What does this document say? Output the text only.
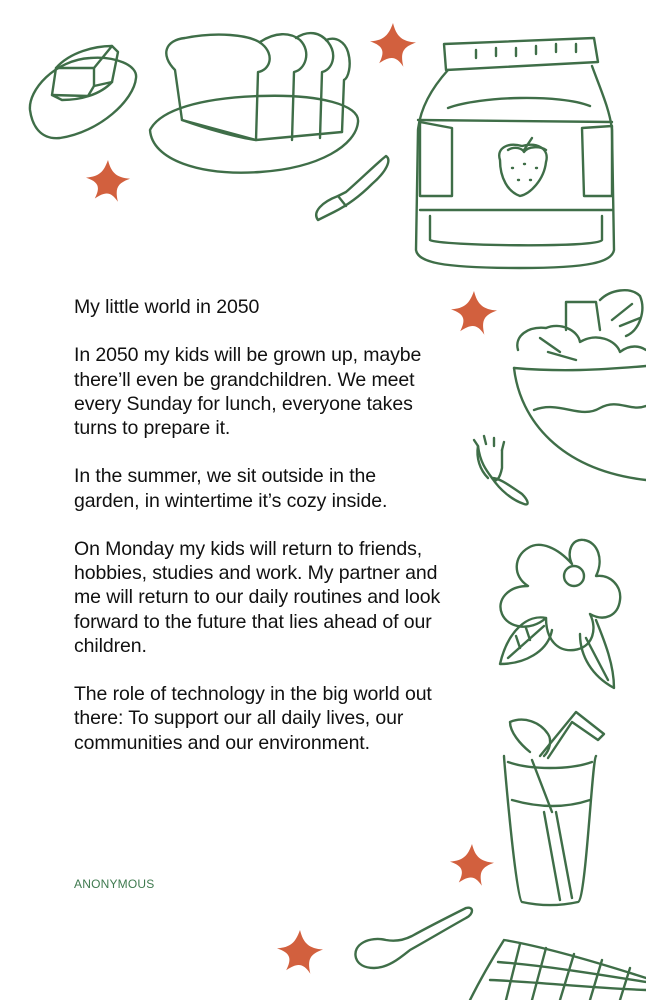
My little world in 2050

In 2050 my kids will be grown up, maybe there’ll even be grandchildren. We meet every Sunday for lunch, everyone takes turns to prepare it.

In the summer, we sit outside in the garden, in wintertime it’s cozy inside.

On Monday my kids will return to friends, hobbies, studies and work. My partner and me will return to our daily routines and look forward to the future that lies ahead of our children.

The role of technology in the big world out there: To support our all daily lives, our communities and our environment.

ANONYMOUS
